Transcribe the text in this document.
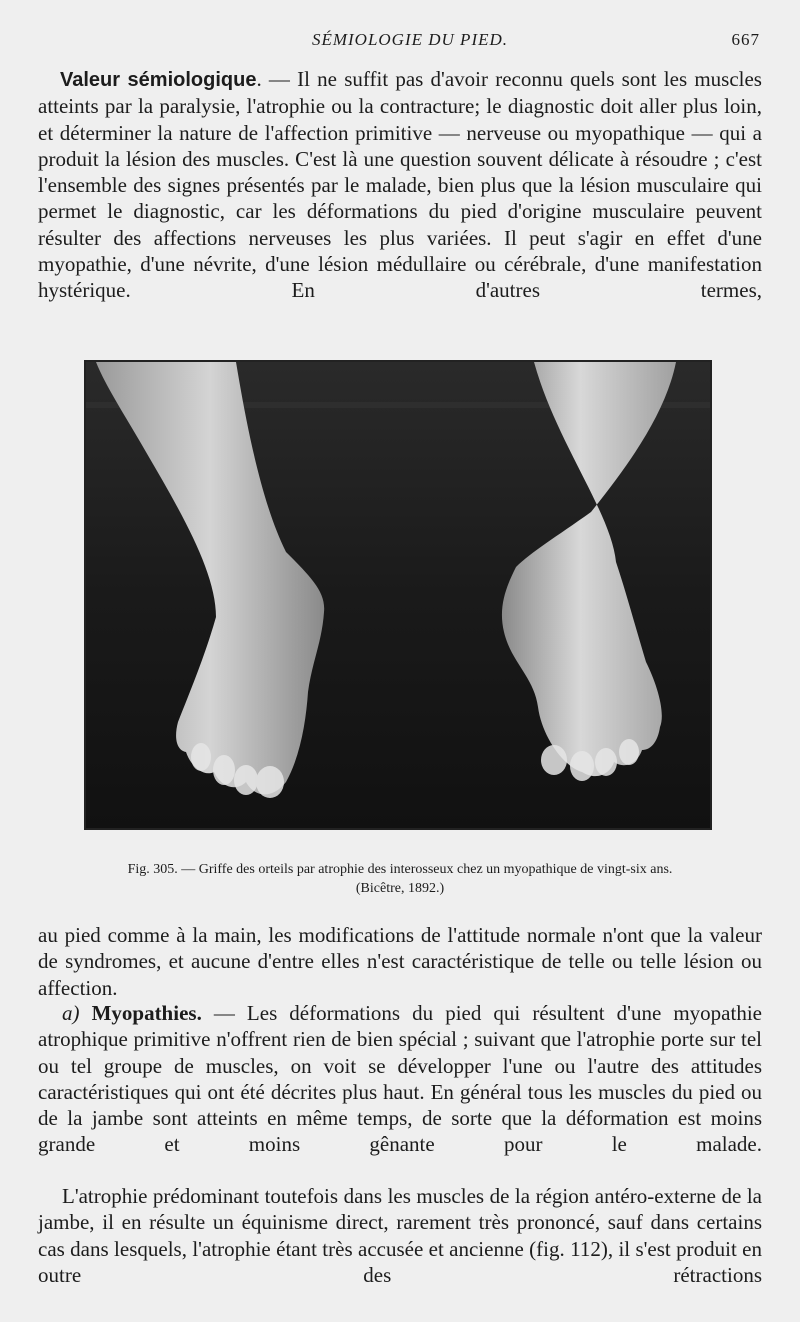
SÉMIOLOGIE DU PIED.	667

Valeur sémiologique. — Il ne suffit pas d'avoir reconnu quels sont les muscles atteints par la paralysie, l'atrophie ou la contracture; le diagnostic doit aller plus loin, et déterminer la nature de l'affection primitive — nerveuse ou myopathique — qui a produit la lésion des muscles. C'est là une question souvent délicate à résoudre ; c'est l'ensemble des signes présentés par le malade, bien plus que la lésion musculaire qui permet le diagnostic, car les déformations du pied d'origine musculaire peuvent résulter des affections nerveuses les plus variées. Il peut s'agir en effet d'une myopathie, d'une névrite, d'une lésion médullaire ou cérébrale, d'une manifestation hystérique. En d'autres termes,

Fig. 305. — Griffe des orteils par atrophie des interosseux chez un myopathique de vingt-six ans.
(Bicêtre, 1892.)

au pied comme à la main, les modifications de l'attitude normale n'ont que la valeur de syndromes, et aucune d'entre elles n'est caractéristique de telle ou telle lésion ou affection.

a) Myopathies. — Les déformations du pied qui résultent d'une myopathie atrophique primitive n'offrent rien de bien spécial ; suivant que l'atrophie porte sur tel ou tel groupe de muscles, on voit se développer l'une ou l'autre des attitudes caractéristiques qui ont été décrites plus haut. En général tous les muscles du pied ou de la jambe sont atteints en même temps, de sorte que la déformation est moins grande et moins gênante pour le malade.

L'atrophie prédominant toutefois dans les muscles de la région antéro-externe de la jambe, il en résulte un équinisme direct, rarement très prononcé, sauf dans certains cas dans lesquels, l'atrophie étant très accusée et ancienne (fig. 112), il s'est produit en outre des rétractions
